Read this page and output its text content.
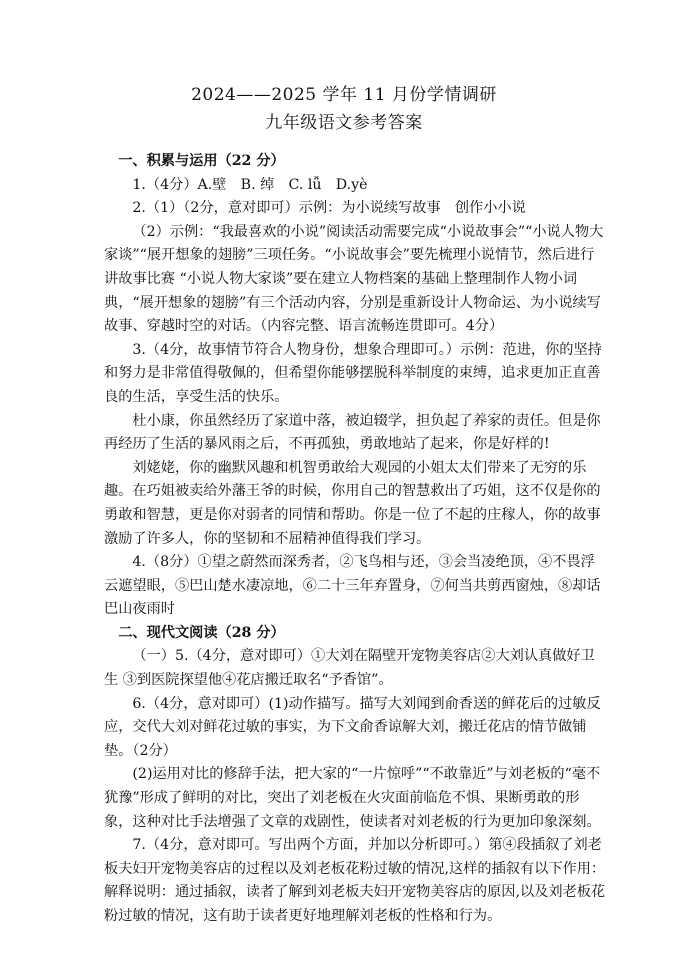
2024——2025 学年 11 月份学情调研
九年级语文参考答案

一、积累与运用（22 分）

1.（4分）A.壁　B. 绰　C. lǚ　D.yè

2.（1）（2分，意对即可）示例：为小说续写故事　创作小小说

（2）示例：“我最喜欢的小说”阅读活动需要完成“小说故事会”“小说人物大家谈”“展开想象的翅膀”三项任务。“小说故事会”要先梳理小说情节，然后进行讲故事比赛 “小说人物大家谈”要在建立人物档案的基础上整理制作人物小词典，“展开想象的翅膀”有三个活动内容，分别是重新设计人物命运、为小说续写故事、穿越时空的对话。（内容完整、语言流畅连贯即可。4分）

3.（4分，故事情节符合人物身份，想象合理即可。）示例：范进，你的坚持和努力是非常值得敬佩的，但希望你能够摆脱科举制度的束缚，追求更加正直善良的生活，享受生活的快乐。

杜小康，你虽然经历了家道中落，被迫辍学，担负起了养家的责任。但是你再经历了生活的暴风雨之后，不再孤独，勇敢地站了起来，你是好样的!

刘姥姥，你的幽默风趣和机智勇敢给大观园的小姐太太们带来了无穷的乐趣。在巧姐被卖给外藩王爷的时候，你用自己的智慧救出了巧姐，这不仅是你的勇敢和智慧，更是你对弱者的同情和帮助。你是一位了不起的庄稼人，你的故事激励了许多人，你的坚韧和不屈精神值得我们学习。

4.（8分）①望之蔚然而深秀者，②飞鸟相与还，③会当凌绝顶，④不畏浮云遮望眼，⑤巴山楚水凄凉地，⑥二十三年弃置身，⑦何当共剪西窗烛，⑧却话巴山夜雨时

二、现代文阅读（28 分）

（一）5.（4分，意对即可）①大刘在隔壁开宠物美容店②大刘认真做好卫生 ③到医院探望他④花店搬迁取名“予香馆”。

6.（4分，意对即可）(1)动作描写。描写大刘闻到俞香送的鲜花后的过敏反应，交代大刘对鲜花过敏的事实，为下文俞香谅解大刘，搬迁花店的情节做铺垫。（2分）

(2)运用对比的修辞手法，把大家的“一片惊呼”“不敢靠近”与刘老板的“毫不犹豫”形成了鲜明的对比，突出了刘老板在火灾面前临危不惧、果断勇敢的形象，这种对比手法增强了文章的戏剧性，使读者对刘老板的行为更加印象深刻。

7.（4分，意对即可。写出两个方面，并加以分析即可。）第④段插叙了刘老板夫妇开宠物美容店的过程以及刘老板花粉过敏的情况,这样的插叙有以下作用：解释说明：通过插叙，读者了解到刘老板夫妇开宠物美容店的原因,以及刘老板花粉过敏的情况，这有助于读者更好地理解刘老板的性格和行为。
